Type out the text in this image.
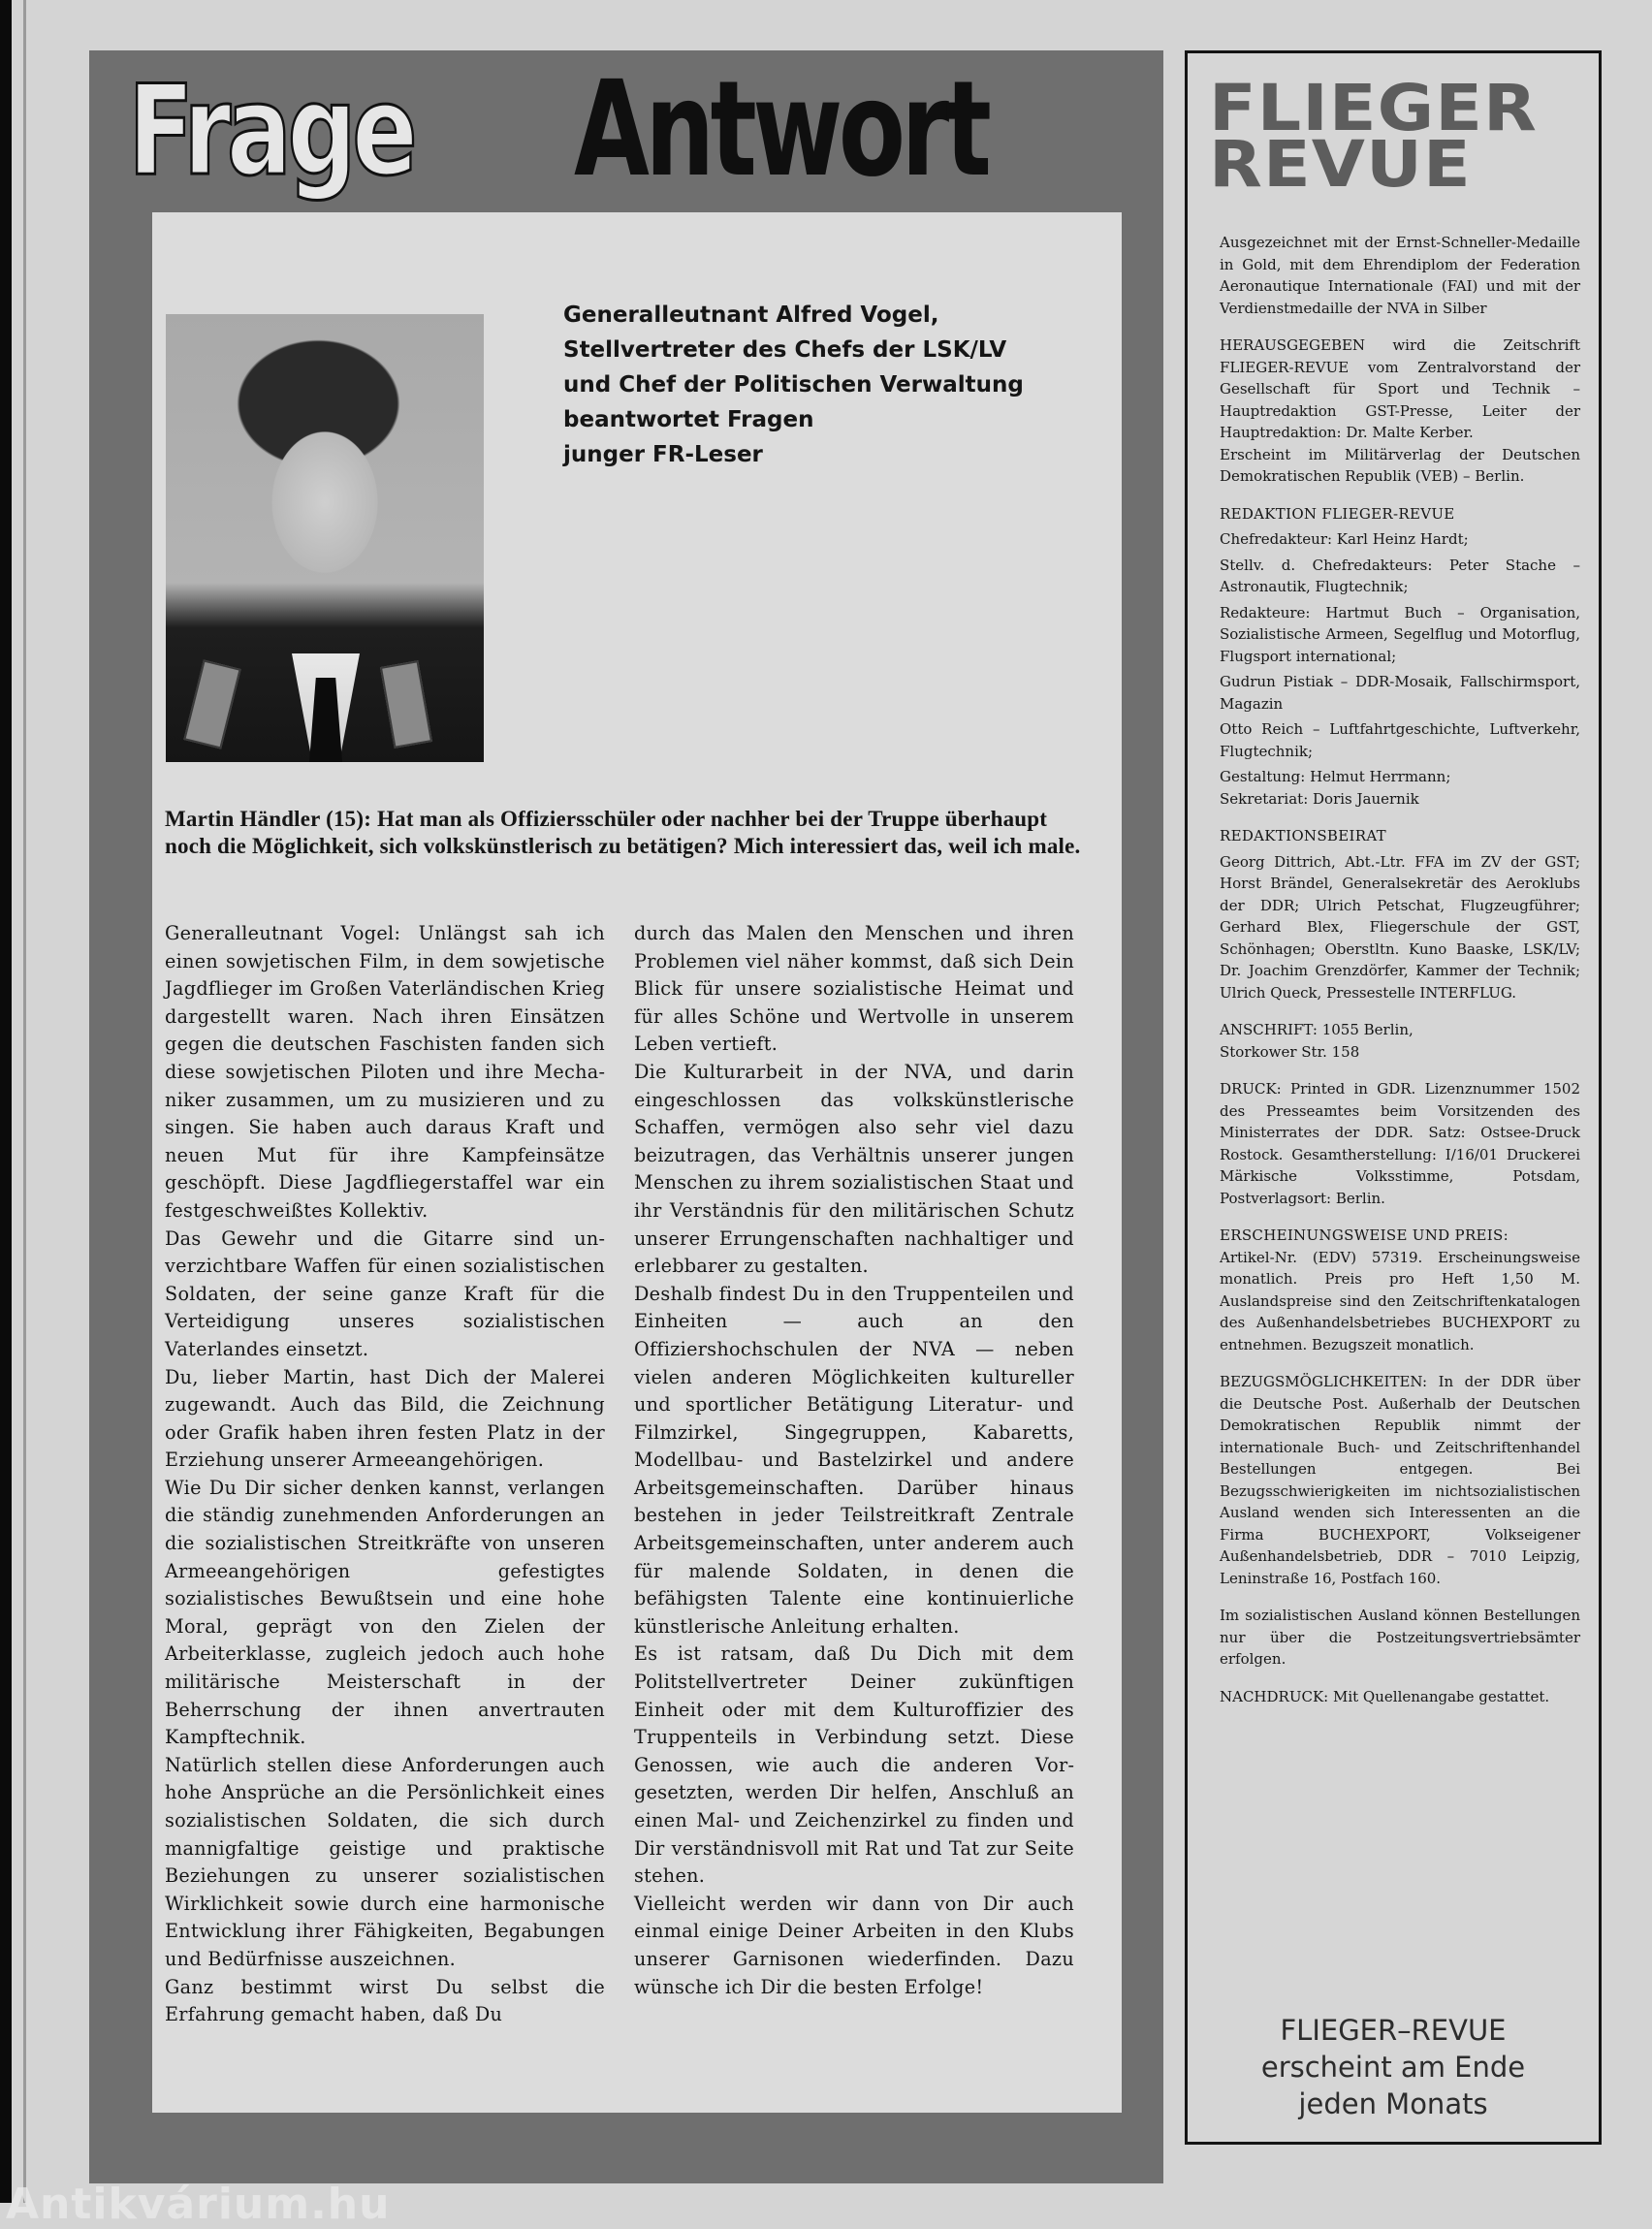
Frage Antwort
Generalleutnant Alfred Vogel,
Stellvertreter des Chefs der LSK/LV
und Chef der Politischen Verwaltung
beantwortet Fragen
junger FR-Leser
Martin Händler (15): Hat man als Offiziersschüler oder nachher bei der Truppe überhaupt noch die Möglichkeit, sich volkskünstlerisch zu betätigen? Mich interessiert das, weil ich male.

Generalleutnant Vogel: Unlängst sah ich einen sowjetischen Film, in dem sowjetische Jagdflieger im Großen Vaterländischen Krieg dargestellt waren. Nach ihren Einsätzen gegen die deutschen Faschisten fanden sich diese sowjetischen Piloten und ihre Mechaniker zusammen, um zu musizieren und zu singen. Sie haben auch daraus Kraft und neuen Mut für ihre Kampfeinsätze geschöpft. Diese Jagdfliegerstaffel war ein festgeschweißtes Kollektiv.

Das Gewehr und die Gitarre sind unverzichtbare Waffen für einen sozialistischen Soldaten, der seine ganze Kraft für die Verteidigung unseres sozialistischen Vaterlandes einsetzt.

Du, lieber Martin, hast Dich der Malerei zugewandt. Auch das Bild, die Zeichnung oder Grafik haben ihren festen Platz in der Erziehung unserer Armeeangehörigen.

Wie Du Dir sicher denken kannst, verlangen die ständig zunehmenden Anforderungen an die sozialistischen Streitkräfte von unseren Armeeangehörigen gefestigtes sozialistisches Bewußtsein und eine hohe Moral, geprägt von den Zielen der Arbeiterklasse, zugleich jedoch auch hohe militärische Meisterschaft in der Beherrschung der ihnen anvertrauten Kampftechnik.

Natürlich stellen diese Anforderungen auch hohe Ansprüche an die Persönlichkeit eines sozialistischen Soldaten, die sich durch mannigfaltige geistige und praktische Beziehungen zu unserer sozialistischen Wirklichkeit sowie durch eine harmonische Entwicklung ihrer Fähigkeiten, Begabungen und Bedürfnisse auszeichnen.

Ganz bestimmt wirst Du selbst die Erfahrung gemacht haben, daß Du

durch das Malen den Menschen und ihren Problemen viel näher kommst, daß sich Dein Blick für unsere sozialistische Heimat und für alles Schöne und Wertvolle in unserem Leben vertieft.

Die Kulturarbeit in der NVA, und darin eingeschlossen das volkskünstlerische Schaffen, vermögen also sehr viel dazu beizutragen, das Verhältnis unserer jungen Menschen zu ihrem sozialistischen Staat und ihr Verständnis für den militärischen Schutz unserer Errungenschaften nachhaltiger und erlebbarer zu gestalten.

Deshalb findest Du in den Truppenteilen und Einheiten — auch an den Offiziershochschulen der NVA — neben vielen anderen Möglichkeiten kultureller und sportlicher Betätigung Literatur- und Filmzirkel, Singegruppen, Kabaretts, Modellbau- und Bastelzirkel und andere Arbeitsgemeinschaften. Darüber hinaus bestehen in jeder Teilstreitkraft Zentrale Arbeitsgemeinschaften, unter anderem auch für malende Soldaten, in denen die befähigsten Talente eine kontinuierliche künstlerische Anleitung erhalten.

Es ist ratsam, daß Du Dich mit dem Politstellvertreter Deiner zukünftigen Einheit oder mit dem Kulturoffizier des Truppenteils in Verbindung setzt. Diese Genossen, wie auch die anderen Vorgesetzten, werden Dir helfen, Anschluß an einen Mal- und Zeichenzirkel zu finden und Dir verständnisvoll mit Rat und Tat zur Seite stehen.

Vielleicht werden wir dann von Dir auch einmal einige Deiner Arbeiten in den Klubs unserer Garnisonen wiederfinden. Dazu wünsche ich Dir die besten Erfolge!

FLIEGER
REVUE
Ausgezeichnet mit der Ernst-Schneller-Medaille in Gold, mit dem Ehrendiplom der Federation Aeronautique Internationale (FAI) und mit der Verdienstmedaille der NVA in Silber
HERAUSGEGEBEN wird die Zeitschrift FLIEGER-REVUE vom Zentralvorstand der Gesellschaft für Sport und Technik – Hauptredaktion GST-Presse, Leiter der Hauptredaktion: Dr. Malte Kerber.
Erscheint im Militärverlag der Deutschen Demokratischen Republik (VEB) – Berlin.
REDAKTION FLIEGER-REVUE
Chefredakteur: Karl Heinz Hardt;
Stellv. d. Chefredakteurs: Peter Stache – Astronautik, Flugtechnik;
Redakteure: Hartmut Buch – Organisation, Sozialistische Armeen, Segelflug und Motorflug, Flugsport international;
Gudrun Pistiak – DDR-Mosaik, Fallschirmsport, Magazin
Otto Reich – Luftfahrtgeschichte, Luftverkehr, Flugtechnik;
Gestaltung: Helmut Herrmann;
Sekretariat: Doris Jauernik
REDAKTIONSBEIRAT
Georg Dittrich, Abt.-Ltr. FFA im ZV der GST; Horst Brändel, Generalsekretär des Aeroklubs der DDR; Ulrich Petschat, Flugzeugführer; Gerhard Blex, Fliegerschule der GST, Schönhagen; Oberstltn. Kuno Baaske, LSK/LV; Dr. Joachim Grenzdörfer, Kammer der Technik; Ulrich Queck, Pressestelle INTERFLUG.
ANSCHRIFT: 1055 Berlin,
Storkower Str. 158
DRUCK: Printed in GDR. Lizenznummer 1502 des Presseamtes beim Vorsitzenden des Ministerrates der DDR. Satz: Ostsee-Druck Rostock. Gesamtherstellung: I/16/01 Druckerei Märkische Volksstimme, Potsdam, Postverlagsort: Berlin.
ERSCHEINUNGSWEISE UND PREIS:
Artikel-Nr. (EDV) 57319. Erscheinungsweise monatlich. Preis pro Heft 1,50 M. Auslandspreise sind den Zeitschriftenkatalogen des Außenhandelsbetriebes BUCHEXPORT zu entnehmen. Bezugszeit monatlich.
BEZUGSMÖGLICHKEITEN: In der DDR über die Deutsche Post. Außerhalb der Deutschen Demokratischen Republik nimmt der internationale Buch- und Zeitschriftenhandel Bestellungen entgegen. Bei Bezugsschwierigkeiten im nichtsozialistischen Ausland wenden sich Interessenten an die Firma BUCHEXPORT, Volkseigener Außenhandelsbetrieb, DDR – 7010 Leipzig, Leninstraße 16, Postfach 160.
Im sozialistischen Ausland können Bestellungen nur über die Postzeitungsvertriebsämter erfolgen.
NACHDRUCK: Mit Quellenangabe gestattet.
FLIEGER–REVUE
erscheint am Ende
jeden Monats
Antikvárium.hu
